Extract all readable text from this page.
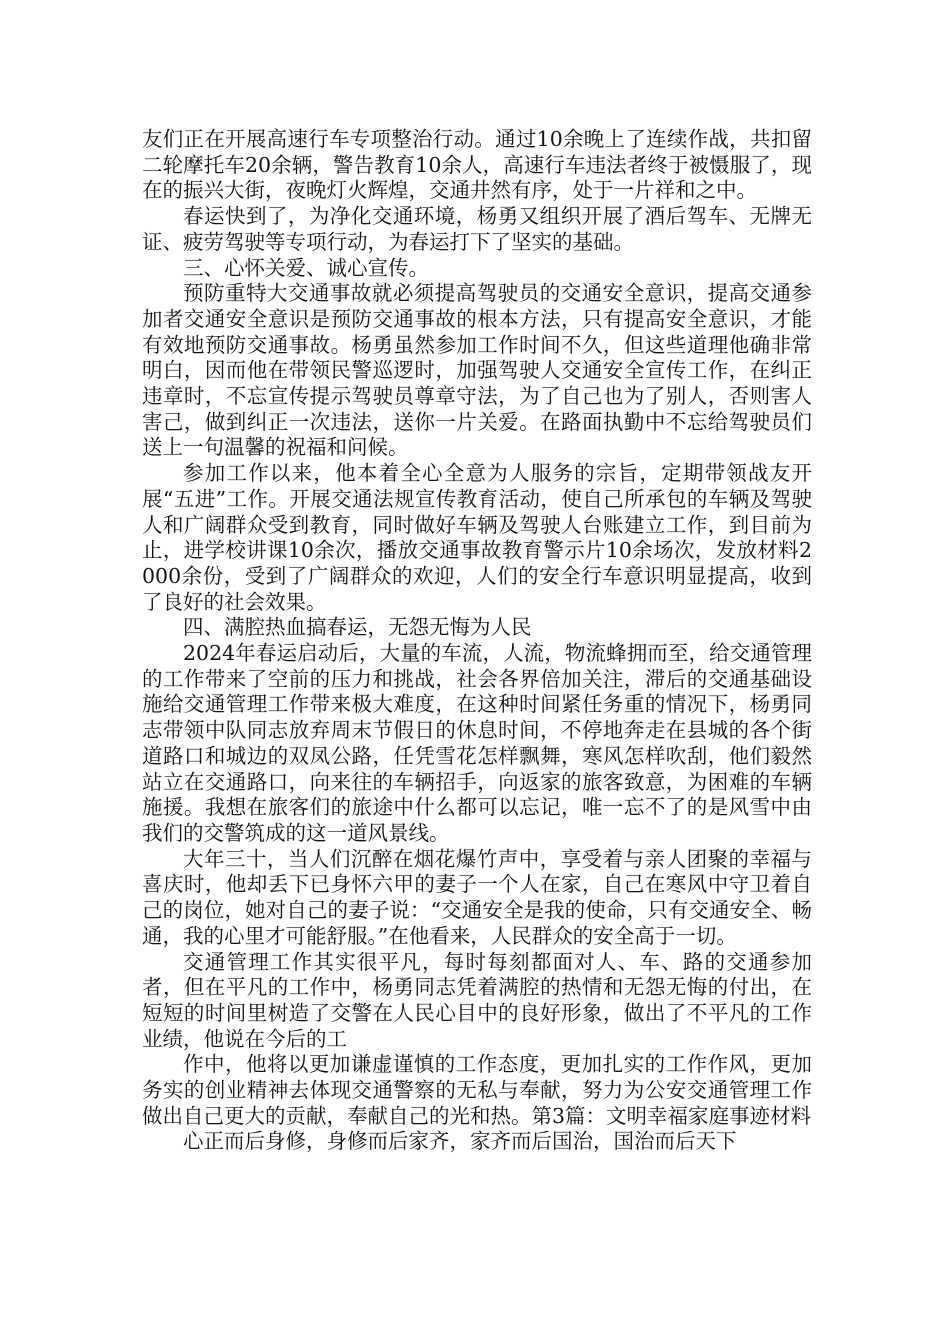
友们正在开展高速行车专项整治行动。通过10余晚上了连续作战，共扣留二轮摩托车20余辆，警告教育10余人，高速行车违法者终于被慑服了，现在的振兴大街，夜晚灯火辉煌，交通井然有序，处于一片祥和之中。

春运快到了，为净化交通环境，杨勇又组织开展了酒后驾车、无牌无证、疲劳驾驶等专项行动，为春运打下了坚实的基础。

三、心怀关爱、诚心宣传。

预防重特大交通事故就必须提高驾驶员的交通安全意识，提高交通参加者交通安全意识是预防交通事故的根本方法，只有提高安全意识，才能有效地预防交通事故。杨勇虽然参加工作时间不久，但这些道理他确非常明白，因而他在带领民警巡逻时，加强驾驶人交通安全宣传工作，在纠正违章时，不忘宣传提示驾驶员尊章守法，为了自己也为了别人，否则害人害己，做到纠正一次违法，送你一片关爱。在路面执勤中不忘给驾驶员们送上一句温馨的祝福和问候。

参加工作以来，他本着全心全意为人服务的宗旨，定期带领战友开展“五进”工作。开展交通法规宣传教育活动，使自己所承包的车辆及驾驶人和广阔群众受到教育，同时做好车辆及驾驶人台账建立工作，到目前为止，进学校讲课10余次，播放交通事故教育警示片10余场次，发放材料2000余份，受到了广阔群众的欢迎，人们的安全行车意识明显提高，收到了良好的社会效果。

四、满腔热血搞春运，无怨无悔为人民

2024年春运启动后，大量的车流，人流，物流蜂拥而至，给交通管理的工作带来了空前的压力和挑战，社会各界倍加关注，滞后的交通基础设施给交通管理工作带来极大难度，在这种时间紧任务重的情况下，杨勇同志带领中队同志放弃周末节假日的休息时间，不停地奔走在县城的各个街道路口和城边的双凤公路，任凭雪花怎样飘舞，寒风怎样吹刮，他们毅然站立在交通路口，向来往的车辆招手，向返家的旅客致意，为困难的车辆施援。我想在旅客们的旅途中什么都可以忘记，唯一忘不了的是风雪中由我们的交警筑成的这一道风景线。

大年三十，当人们沉醉在烟花爆竹声中，享受着与亲人团聚的幸福与喜庆时，他却丢下已身怀六甲的妻子一个人在家，自己在寒风中守卫着自己的岗位，她对自己的妻子说：“交通安全是我的使命，只有交通安全、畅通，我的心里才可能舒服。”在他看来，人民群众的安全高于一切。

交通管理工作其实很平凡，每时每刻都面对人、车、路的交通参加者，但在平凡的工作中，杨勇同志凭着满腔的热情和无怨无悔的付出，在短短的时间里树造了交警在人民心目中的良好形象，做出了不平凡的工作业绩，他说在今后的工

作中，他将以更加谦虚谨慎的工作态度，更加扎实的工作作风，更加务实的创业精神去体现交通警察的无私与奉献，努力为公安交通管理工作做出自己更大的贡献，奉献自己的光和热。第3篇：文明幸福家庭事迹材料

心正而后身修，身修而后家齐，家齐而后国治，国治而后天下
